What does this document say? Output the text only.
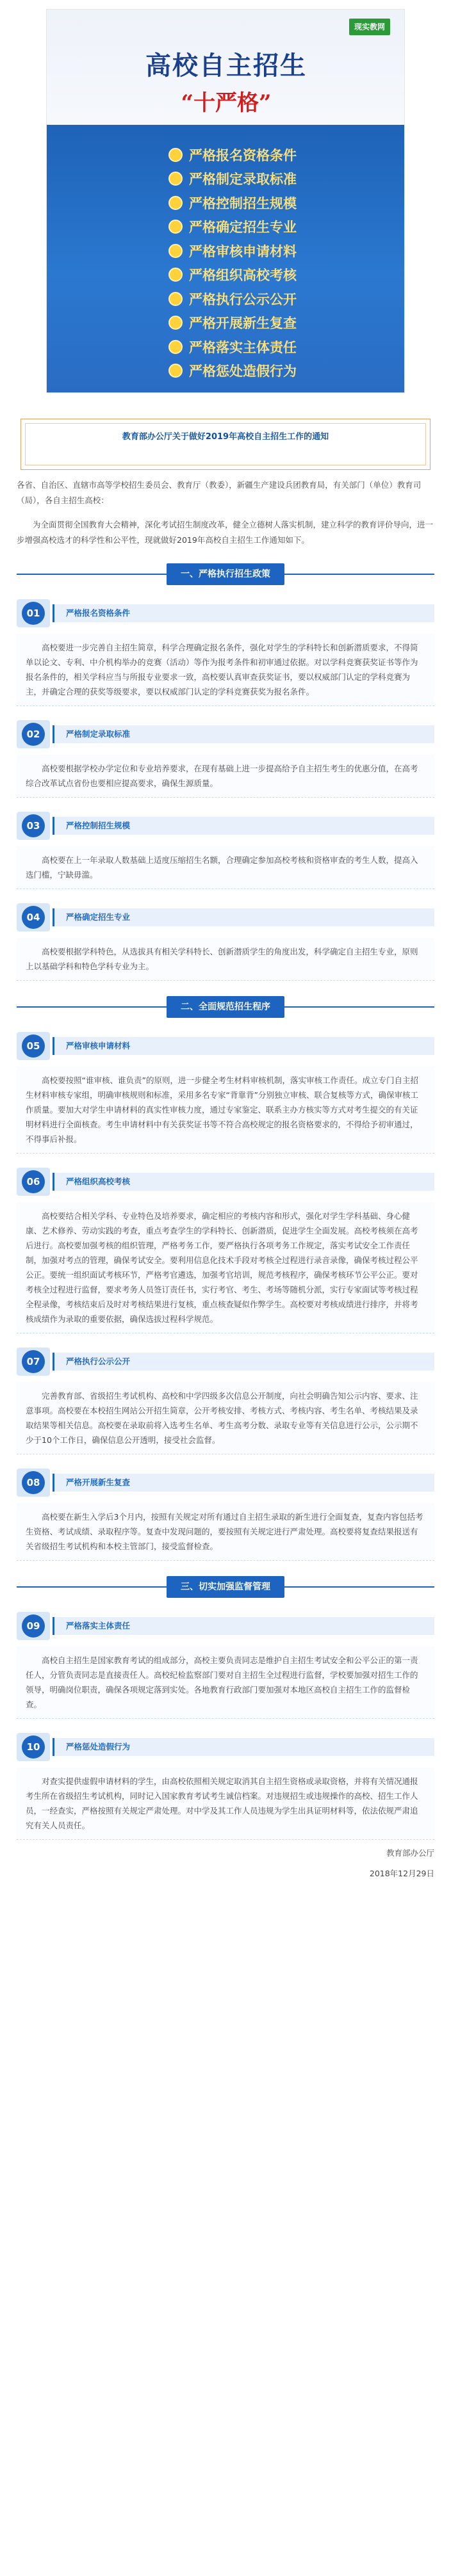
现实教网
高校自主招生
“十严格”
严格报名资格条件
严格制定录取标准
严格控制招生规模
严格确定招生专业
严格审核申请材料
严格组织高校考核
严格执行公示公开
严格开展新生复查
严格落实主体责任
严格惩处造假行为
教育部办公厅关于做好2019年高校自主招生工作的通知
各省、自治区、直辖市高等学校招生委员会、教育厅（教委），新疆生产建设兵团教育局，有关部门（单位）教育司（局），各自主招生高校：
为全面贯彻全国教育大会精神，深化考试招生制度改革，健全立德树人落实机制，建立科学的教育评价导向，进一步增强高校选才的科学性和公平性，现就做好2019年高校自主招生工作通知如下。
一、严格执行招生政策
01	严格报名资格条件
高校要进一步完善自主招生简章，科学合理确定报名条件，强化对学生的学科特长和创新潜质要求，不得简单以论文、专利、中介机构举办的竞赛（活动）等作为报考条件和初审通过依据。对以学科竞赛获奖证书等作为报名条件的，相关学科应当与所报专业要求一致，高校要认真审查获奖证书，要以权威部门认定的学科竞赛为主，并确定合理的获奖等级要求，要以权威部门认定的学科竞赛获奖为报名条件。
02	严格制定录取标准
高校要根据学校办学定位和专业培养要求，在现有基础上进一步提高给予自主招生考生的优惠分值，在高考综合改革试点省份也要相应提高要求，确保生源质量。
03	严格控制招生规模
高校要在上一年录取人数基础上适度压缩招生名额，合理确定参加高校考核和资格审查的考生人数，提高入选门槛，宁缺毋滥。
04	严格确定招生专业
高校要根据学科特色，从选拔具有相关学科特长、创新潜质学生的角度出发，科学确定自主招生专业，原则上以基础学科和特色学科专业为主。
二、全面规范招生程序
05	严格审核申请材料
高校要按照“谁审核、谁负责”的原则，进一步健全考生材料审核机制，落实审核工作责任。成立专门自主招生材料审核专家组，明确审核规则和标准，采用多名专家“背靠背”分别独立审核、联合复核等方式，确保审核工作质量。要加大对学生申请材料的真实性审核力度，通过专家鉴定、联系主办方核实等方式对考生提交的有关证明材料进行全面核查。考生申请材料中有关获奖证书等不符合高校规定的报名资格要求的，不得给予初审通过，不得事后补报。
06	严格组织高校考核
高校要结合相关学科、专业特色及培养要求，确定相应的考核内容和形式，强化对学生学科基础、身心健康、艺术修养、劳动实践的考查，重点考查学生的学科特长、创新潜质，促进学生全面发展。高校考核须在高考后进行。高校要加强考核的组织管理，严格考务工作，要严格执行各项考务工作规定，落实考试安全工作责任制，加强对考点的管理，确保考试安全。要利用信息化技术手段对考核全过程进行录音录像，确保考核过程公平公正。要统一组织面试考核环节，严格考官遴选，加强考官培训，规范考核程序，确保考核环节公平公正。要对考核全过程进行监督，要求考务人员签订责任书，实行考官、考生、考场等随机分派，实行专家面试等考核过程全程录像，考核结束后及时对考核结果进行复核，重点核查疑似作弊学生。高校要对考核成绩进行排序，并将考核成绩作为录取的重要依据，确保选拔过程科学规范。
07	严格执行公示公开
完善教育部、省级招生考试机构、高校和中学四级多次信息公开制度，向社会明确告知公示内容、要求、注意事项。高校要在本校招生网站公开招生简章，公开考核安排、考核方式、考核内容、考生名单、考核结果及录取结果等相关信息。高校要在录取前将入选考生名单、考生高考分数、录取专业等有关信息进行公示，公示期不少于10个工作日，确保信息公开透明，接受社会监督。
08	严格开展新生复查
高校要在新生入学后3个月内，按照有关规定对所有通过自主招生录取的新生进行全面复查，复查内容包括考生资格、考试成绩、录取程序等。复查中发现问题的，要按照有关规定进行严肃处理。高校要将复查结果报送有关省级招生考试机构和本校主管部门，接受监督检查。
三、切实加强监督管理
09	严格落实主体责任
高校自主招生是国家教育考试的组成部分，高校主要负责同志是维护自主招生考试安全和公平公正的第一责任人，分管负责同志是直接责任人。高校纪检监察部门要对自主招生全过程进行监督，学校要加强对招生工作的领导，明确岗位职责，确保各项规定落到实处。各地教育行政部门要加强对本地区高校自主招生工作的监督检查。
10	严格惩处造假行为
对查实提供虚假申请材料的学生，由高校依照相关规定取消其自主招生资格或录取资格，并将有关情况通报考生所在省级招生考试机构，同时记入国家教育考试考生诚信档案。对违规招生或违规操作的高校、招生工作人员，一经查实，严格按照有关规定严肃处理。对中学及其工作人员违规为学生出具证明材料等，依法依规严肃追究有关人员责任。
教育部办公厅
2018年12月29日
